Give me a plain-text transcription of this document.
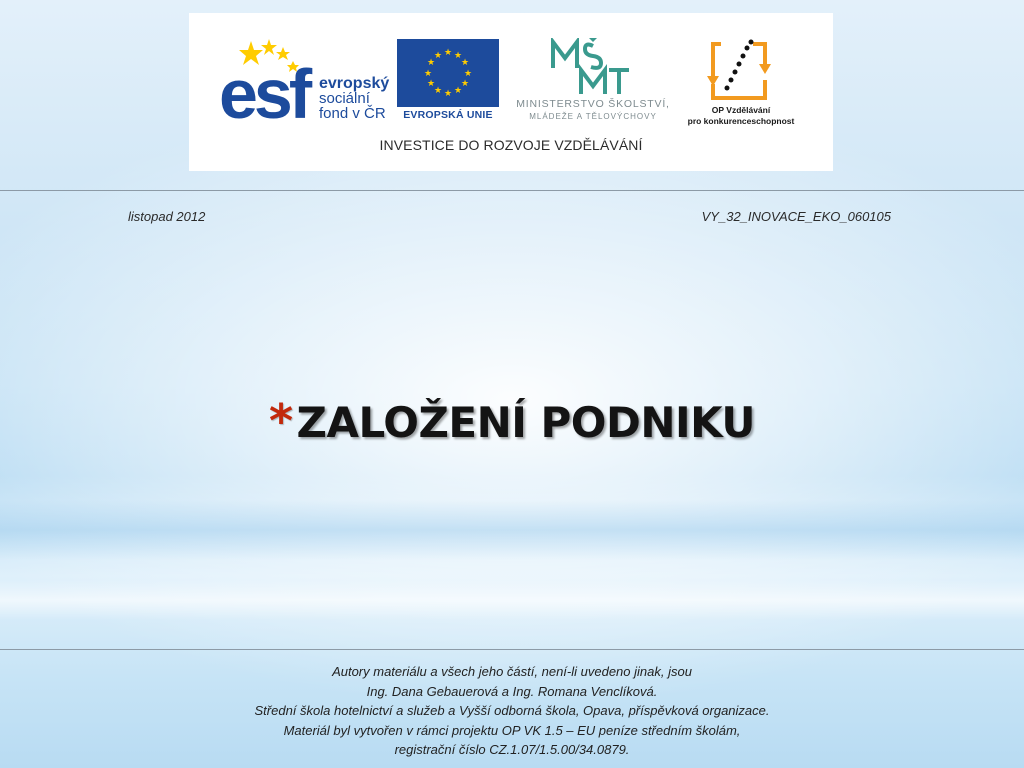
esf evropský
sociální
fond v ČR
★ ★
★
★
★
★
★
★
★
★
★
★
EVROPSKÁ UNIE
MINISTERSTVO ŠKOLSTVÍ,
MLÁDEŽE A TĚLOVÝCHOVY
OP Vzdělávání
pro konkurenceschopnost
INVESTICE DO ROZVOJE VZDĚLÁVÁNÍ
listopad 2012	VY_32_INOVACE_EKO_060105
*ZALOŽENÍ PODNIKU
Autory materiálu a všech jeho částí, není-li uvedeno jinak, jsou
Ing. Dana Gebauerová a Ing. Romana Venclíková.
Střední škola hotelnictví a služeb a Vyšší odborná škola, Opava, příspěvková organizace.
Materiál byl vytvořen v rámci projektu OP VK 1.5 – EU peníze středním školám,
registrační číslo CZ.1.07/1.5.00/34.0879.
